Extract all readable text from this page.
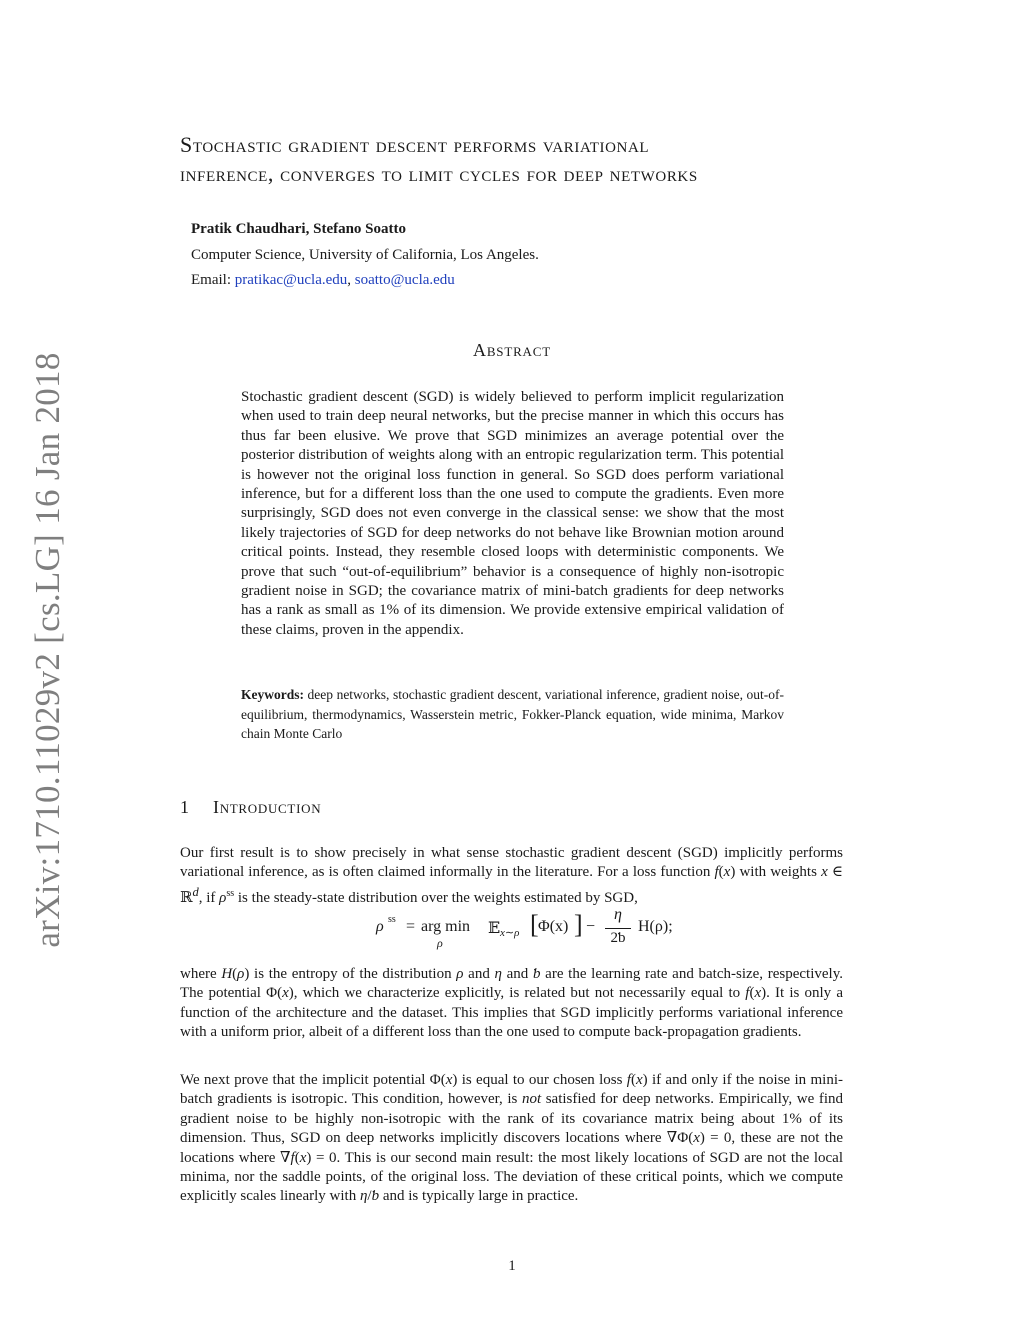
arXiv:1710.11029v2 [cs.LG] 16 Jan 2018
Stochastic gradient descent performs variational
inference, converges to limit cycles for deep networks
Pratik Chaudhari, Stefano Soatto
Computer Science, University of California, Los Angeles.
Email: pratikac@ucla.edu, soatto@ucla.edu
Abstract

Stochastic gradient descent (SGD) is widely believed to perform implicit regularization when used to train deep neural networks, but the precise manner in which this occurs has thus far been elusive. We prove that SGD minimizes an average potential over the posterior distribution of weights along with an entropic regularization term. This potential is however not the original loss function in general. So SGD does perform variational inference, but for a different loss than the one used to compute the gradients. Even more surprisingly, SGD does not even converge in the classical sense: we show that the most likely trajectories of SGD for deep networks do not behave like Brownian motion around critical points. Instead, they resemble closed loops with deterministic components. We prove that such “out-of-equilibrium” behavior is a consequence of highly non-isotropic gradient noise in SGD; the covariance matrix of mini-batch gradients for deep networks has a rank as small as 1% of its dimension. We provide extensive empirical validation of these claims, proven in the appendix.

Keywords: deep networks, stochastic gradient descent, variational inference, gradient noise, out-of-equilibrium, thermodynamics, Wasserstein metric, Fokker-Planck equation, wide minima, Markov chain Monte Carlo

1 Introduction

Our first result is to show precisely in what sense stochastic gradient descent (SGD) implicitly performs variational inference, as is often claimed informally in the literature. For a loss function f(x) with weights x ∈ ℝ$^d$, if $\rho^{ss}$ is the steady-state distribution over the weights estimated by SGD,

ρ ss = arg min
ρ
𝔼 x∼ρ [ Φ(x) ] −
η
2ƅ
H(ρ);

where H(ρ) is the entropy of the distribution ρ and η and ƅ are the learning rate and batch-size, respectively. The potential Φ(x), which we characterize explicitly, is related but not necessarily equal to f(x). It is only a function of the architecture and the dataset. This implies that SGD implicitly performs variational inference with a uniform prior, albeit of a different loss than the one used to compute back-propagation gradients.

We next prove that the implicit potential Φ(x) is equal to our chosen loss f(x) if and only if the noise in mini-batch gradients is isotropic. This condition, however, is not satisfied for deep networks. Empirically, we find gradient noise to be highly non-isotropic with the rank of its covariance matrix being about 1% of its dimension. Thus, SGD on deep networks implicitly discovers locations where ∇Φ(x) = 0, these are not the locations where ∇f(x) = 0. This is our second main result: the most likely locations of SGD are not the local minima, nor the saddle points, of the original loss. The deviation of these critical points, which we compute explicitly scales linearly with η/ƅ and is typically large in practice.

1
